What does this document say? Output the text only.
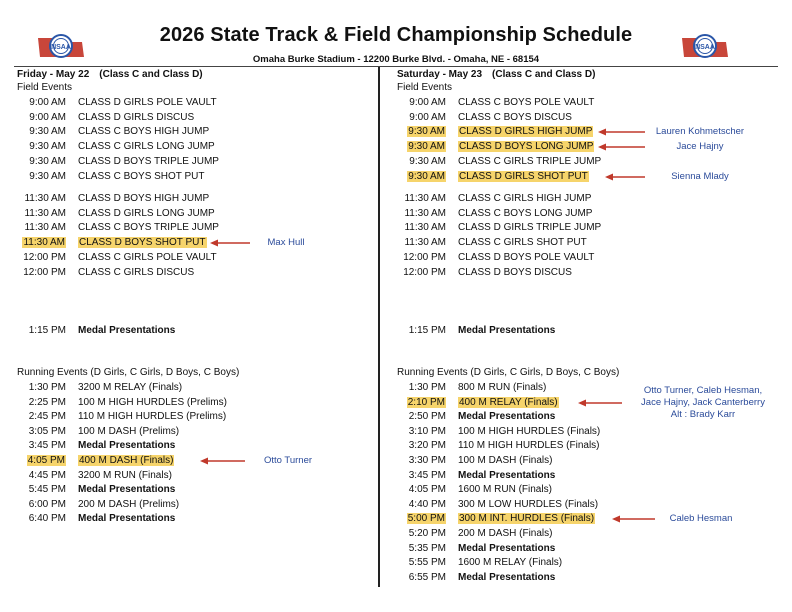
NSAA	NSAA
2026 State Track & Field Championship Schedule
Omaha Burke Stadium - 12200 Burke Blvd. - Omaha, NE - 68154
Friday - May 22 (Class C and Class D)
Field Events
9:00 AM CLASS D GIRLS POLE VAULT
9:00 AM CLASS D GIRLS DISCUS
9:30 AM CLASS C BOYS HIGH JUMP
9:30 AM CLASS C GIRLS LONG JUMP
9:30 AM CLASS D BOYS TRIPLE JUMP
9:30 AM CLASS C BOYS SHOT PUT
11:30 AM CLASS D BOYS HIGH JUMP
11:30 AM CLASS D GIRLS LONG JUMP
11:30 AM CLASS C BOYS TRIPLE JUMP
11:30 AM CLASS D BOYS SHOT PUT
12:00 PM CLASS C GIRLS POLE VAULT
12:00 PM CLASS C GIRLS DISCUS
1:15 PM Medal Presentations
Running Events (D Girls, C Girls, D Boys, C Boys)
1:30 PM 3200 M RELAY (Finals)
2:25 PM 100 M HIGH HURDLES (Prelims)
2:45 PM 110 M HIGH HURDLES (Prelims)
3:05 PM 100 M DASH (Prelims)
3:45 PM Medal Presentations
4:05 PM 400 M DASH (Finals)
4:45 PM 3200 M RUN (Finals)
5:45 PM Medal Presentations
6:00 PM 200 M DASH (Prelims)
6:40 PM Medal Presentations
Saturday - May 23 (Class C and Class D)
Field Events
9:00 AM CLASS C BOYS POLE VAULT
9:00 AM CLASS C BOYS DISCUS
9:30 AM CLASS D GIRLS HIGH JUMP
9:30 AM CLASS D BOYS LONG JUMP
9:30 AM CLASS C GIRLS TRIPLE JUMP
9:30 AM CLASS D GIRLS SHOT PUT
11:30 AM CLASS C GIRLS HIGH JUMP
11:30 AM CLASS C BOYS LONG JUMP
11:30 AM CLASS D GIRLS TRIPLE JUMP
11:30 AM CLASS C GIRLS SHOT PUT
12:00 PM CLASS D BOYS POLE VAULT
12:00 PM CLASS D BOYS DISCUS
1:15 PM Medal Presentations
Running Events (D Girls, C Girls, D Boys, C Boys)
1:30 PM 800 M RUN (Finals)
2:10 PM 400 M RELAY (Finals)
2:50 PM Medal Presentations
3:10 PM 100 M HIGH HURDLES (Finals)
3:20 PM 110 M HIGH HURDLES (Finals)
3:30 PM 100 M DASH (Finals)
3:45 PM Medal Presentations
4:05 PM 1600 M RUN (Finals)
4:40 PM 300 M LOW HURDLES (Finals)
5:00 PM 300 M INT. HURDLES (Finals)
5:20 PM 200 M DASH (Finals)
5:35 PM Medal Presentations
5:55 PM 1600 M RELAY (Finals)
6:55 PM Medal Presentations
Max Hull
Otto Turner
Lauren Kohmetscher
Jace Hajny
Sienna Mlady
Otto Turner, Caleb Hesman,
Jace Hajny, Jack Canterberry
Alt : Brady Karr
Caleb Hesman
